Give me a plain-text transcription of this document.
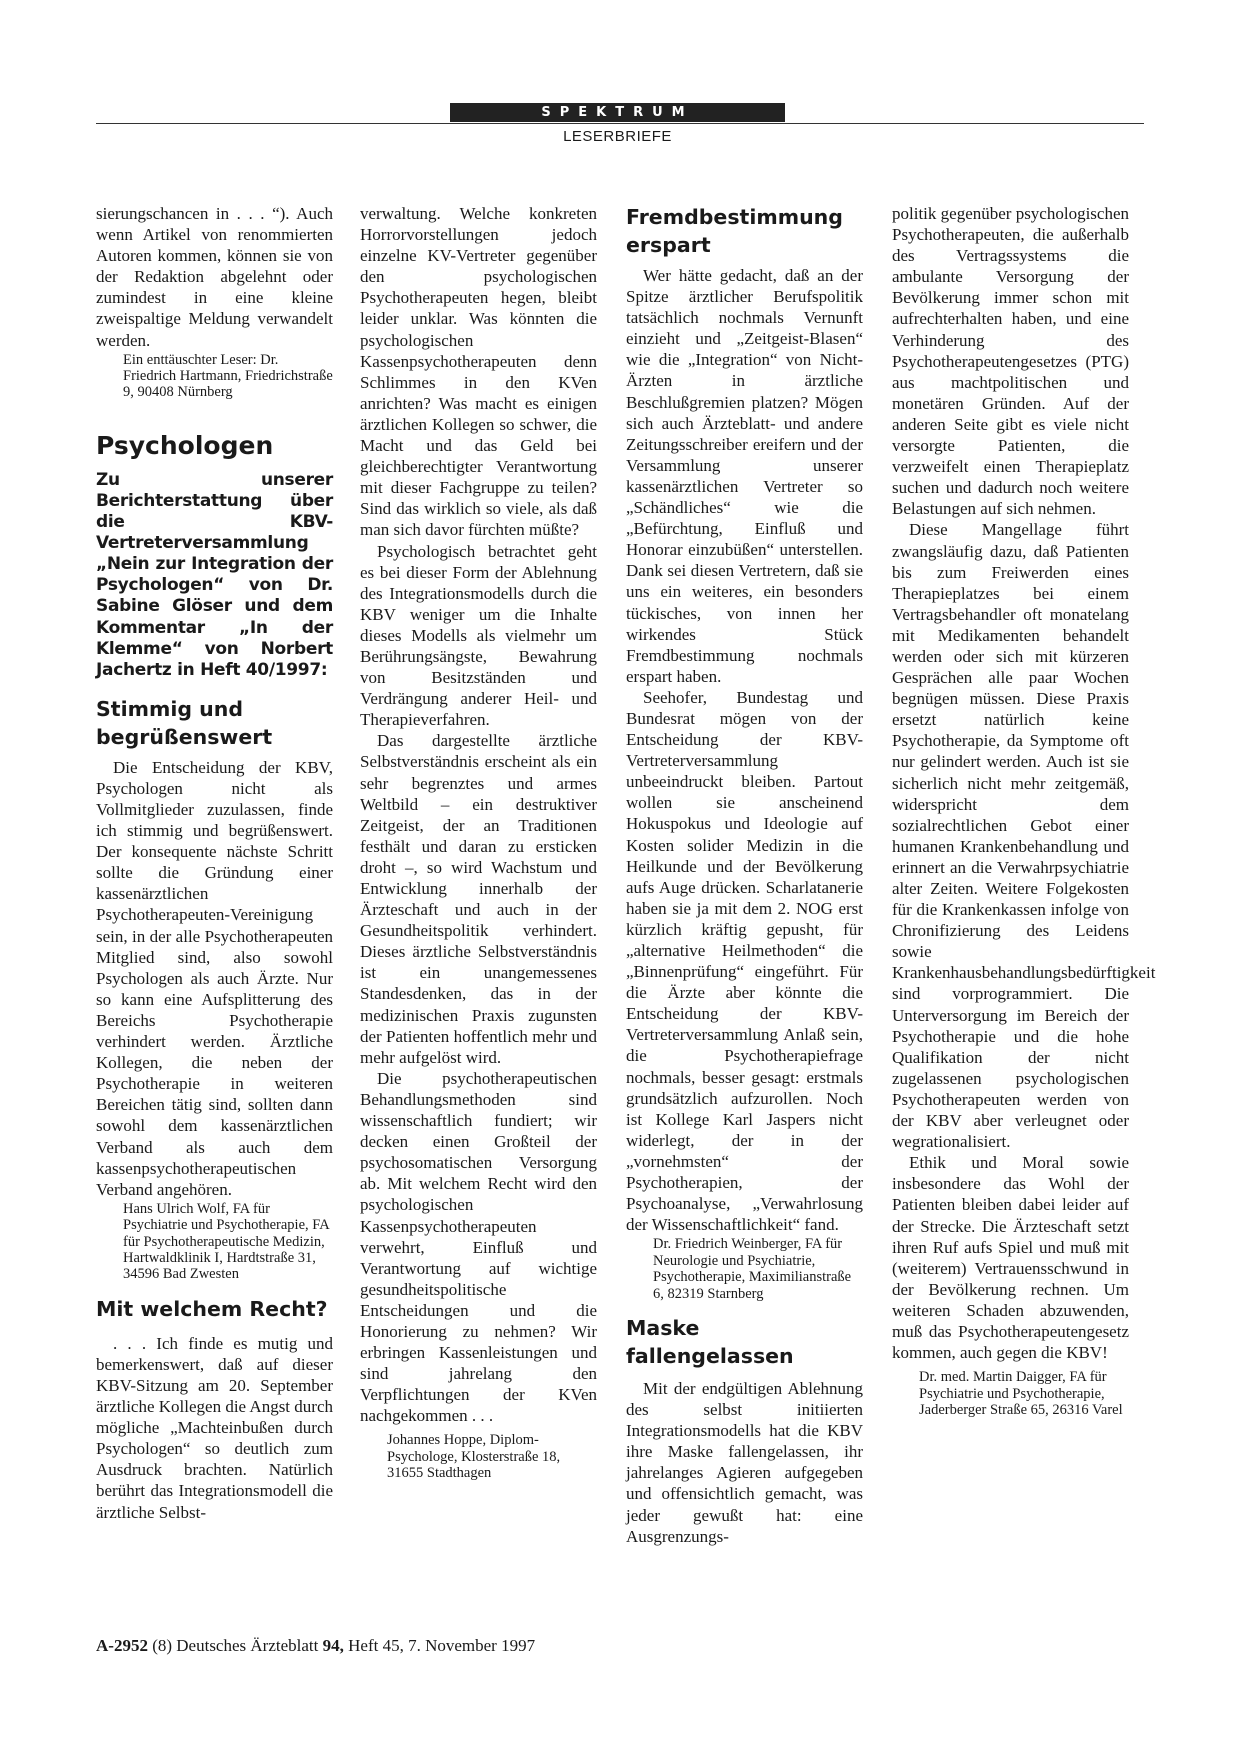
SPEKTRUM
LESERBRIEFE

sierungschancen in . . . “). Auch wenn Artikel von renommierten Autoren kommen, können sie von der Redaktion abgelehnt oder zumindest in eine kleine zweispaltige Meldung verwandelt werden.

Ein enttäuschter Leser: Dr. Friedrich Hartmann, Friedrichstraße 9, 90408 Nürnberg

Psychologen

Zu unserer Berichterstattung über die KBV-Vertreterversammlung „Nein zur Integration der Psychologen“ von Dr. Sabine Glöser und dem Kommentar „In der Klemme“ von Norbert Jachertz in Heft 40/1997:

Stimmig und begrüßenswert

Die Entscheidung der KBV, Psychologen nicht als Vollmitglieder zuzulassen, finde ich stimmig und begrüßenswert. Der konsequente nächste Schritt sollte die Gründung einer kassenärztlichen Psychotherapeuten-Vereinigung sein, in der alle Psychotherapeuten Mitglied sind, also sowohl Psychologen als auch Ärzte. Nur so kann eine Aufsplitterung des Bereichs Psychotherapie verhindert werden. Ärztliche Kollegen, die neben der Psychotherapie in weiteren Bereichen tätig sind, sollten dann sowohl dem kassenärztlichen Verband als auch dem kassenpsychotherapeutischen Verband angehören.

Hans Ulrich Wolf, FA für Psychiatrie und Psychotherapie, FA für Psychotherapeutische Medizin, Hartwaldklinik I, Hardtstraße 31, 34596 Bad Zwesten

Mit welchem Recht?

. . . Ich finde es mutig und bemerkenswert, daß auf dieser KBV-Sitzung am 20. September ärztliche Kollegen die Angst durch mögliche „Machteinbußen durch Psychologen“ so deutlich zum Ausdruck brachten. Natürlich berührt das Integrationsmodell die ärztliche Selbst-

verwaltung. Welche konkreten Horrorvorstellungen jedoch einzelne KV-Vertreter gegenüber den psychologischen Psychotherapeuten hegen, bleibt leider unklar. Was könnten die psychologischen Kassenpsychotherapeuten denn Schlimmes in den KVen anrichten? Was macht es einigen ärztlichen Kollegen so schwer, die Macht und das Geld bei gleichberechtigter Verantwortung mit dieser Fachgruppe zu teilen? Sind das wirklich so viele, als daß man sich davor fürchten müßte?

Psychologisch betrachtet geht es bei dieser Form der Ablehnung des Integrationsmodells durch die KBV weniger um die Inhalte dieses Modells als vielmehr um Berührungsängste, Bewahrung von Besitzständen und Verdrängung anderer Heil- und Therapieverfahren.

Das dargestellte ärztliche Selbstverständnis erscheint als ein sehr begrenztes und armes Weltbild – ein destruktiver Zeitgeist, der an Traditionen festhält und daran zu ersticken droht –, so wird Wachstum und Entwicklung innerhalb der Ärzteschaft und auch in der Gesundheitspolitik verhindert. Dieses ärztliche Selbstverständnis ist ein unangemessenes Standesdenken, das in der medizinischen Praxis zugunsten der Patienten hoffentlich mehr und mehr aufgelöst wird.

Die psychotherapeutischen Behandlungsmethoden sind wissenschaftlich fundiert; wir decken einen Großteil der psychosomatischen Versorgung ab. Mit welchem Recht wird den psychologischen Kassenpsychotherapeuten verwehrt, Einfluß und Verantwortung auf wichtige gesundheitspolitische Entscheidungen und die Honorierung zu nehmen? Wir erbringen Kassenleistungen und sind jahrelang den Verpflichtungen der KVen nachgekommen . . .

Johannes Hoppe, Diplom-Psychologe, Klosterstraße 18, 31655 Stadthagen

Fremdbestimmung erspart

Wer hätte gedacht, daß an der Spitze ärztlicher Berufspolitik tatsächlich nochmals Vernunft einzieht und „Zeitgeist-Blasen“ wie die „Integration“ von Nicht-Ärzten in ärztliche Beschlußgremien platzen? Mögen sich auch Ärzteblatt- und andere Zeitungsschreiber ereifern und der Versammlung unserer kassenärztlichen Vertreter so „Schändliches“ wie die „Befürchtung, Einfluß und Honorar einzubüßen“ unterstellen. Dank sei diesen Vertretern, daß sie uns ein weiteres, ein besonders tückisches, von innen her wirkendes Stück Fremdbestimmung nochmals erspart haben.

Seehofer, Bundestag und Bundesrat mögen von der Entscheidung der KBV-Vertreterversammlung unbeeindruckt bleiben. Partout wollen sie anscheinend Hokuspokus und Ideologie auf Kosten solider Medizin in die Heilkunde und der Bevölkerung aufs Auge drücken. Scharlatanerie haben sie ja mit dem 2. NOG erst kürzlich kräftig gepusht, für „alternative Heilmethoden“ die „Binnenprüfung“ eingeführt. Für die Ärzte aber könnte die Entscheidung der KBV-Vertreterversammlung Anlaß sein, die Psychotherapiefrage nochmals, besser gesagt: erstmals grundsätzlich aufzurollen. Noch ist Kollege Karl Jaspers nicht widerlegt, der in der „vornehmsten“ der Psychotherapien, der Psychoanalyse, „Verwahrlosung der Wissenschaftlichkeit“ fand.

Dr. Friedrich Weinberger, FA für Neurologie und Psychiatrie, Psychotherapie, Maximilianstraße 6, 82319 Starnberg

Maske fallengelassen

Mit der endgültigen Ablehnung des selbst initiierten Integrationsmodells hat die KBV ihre Maske fallengelassen, ihr jahrelanges Agieren aufgegeben und offensichtlich gemacht, was jeder gewußt hat: eine Ausgrenzungs-

politik gegenüber psychologischen Psychotherapeuten, die außerhalb des Vertragssystems die ambulante Versorgung der Bevölkerung immer schon mit aufrechterhalten haben, und eine Verhinderung des Psychotherapeutengesetzes (PTG) aus machtpolitischen und monetären Gründen. Auf der anderen Seite gibt es viele nicht versorgte Patienten, die verzweifelt einen Therapieplatz suchen und dadurch noch weitere Belastungen auf sich nehmen.

Diese Mangellage führt zwangsläufig dazu, daß Patienten bis zum Freiwerden eines Therapieplatzes bei einem Vertragsbehandler oft monatelang mit Medikamenten behandelt werden oder sich mit kürzeren Gesprächen alle paar Wochen begnügen müssen. Diese Praxis ersetzt natürlich keine Psychotherapie, da Symptome oft nur gelindert werden. Auch ist sie sicherlich nicht mehr zeitgemäß, widerspricht dem sozialrechtlichen Gebot einer humanen Krankenbehandlung und erinnert an die Verwahrpsychiatrie alter Zeiten. Weitere Folgekosten für die Krankenkassen infolge von Chronifizierung des Leidens sowie Krankenhausbehandlungsbedürftigkeit sind vorprogrammiert. Die Unterversorgung im Bereich der Psychotherapie und die hohe Qualifikation der nicht zugelassenen psychologischen Psychotherapeuten werden von der KBV aber verleugnet oder wegrationalisiert.

Ethik und Moral sowie insbesondere das Wohl der Patienten bleiben dabei leider auf der Strecke. Die Ärzteschaft setzt ihren Ruf aufs Spiel und muß mit (weiterem) Vertrauensschwund in der Bevölkerung rechnen. Um weiteren Schaden abzuwenden, muß das Psychotherapeutengesetz kommen, auch gegen die KBV!

Dr. med. Martin Daigger, FA für Psychiatrie und Psychotherapie, Jaderberger Straße 65, 26316 Varel

A-2952 (8) Deutsches Ärzteblatt 94, Heft 45, 7. November 1997
